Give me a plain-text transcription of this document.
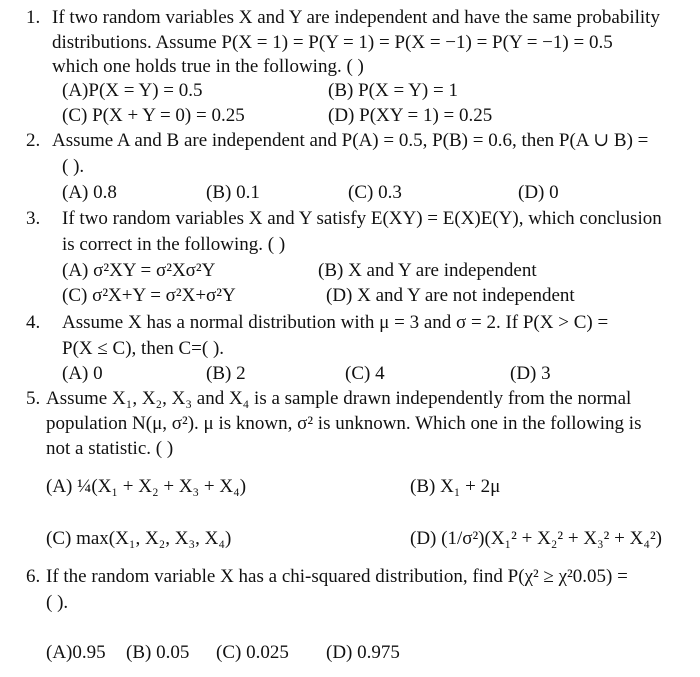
1. If two random variables X and Y are independent and have the same probability
distributions. Assume P(X = 1) = P(Y = 1) = P(X = −1) = P(Y = −1) = 0.5
which one holds true in the following. ( )
(A)P(X = Y) = 0.5	(B) P(X = Y) = 1
(C) P(X + Y = 0) = 0.25	(D) P(XY = 1) = 0.25
2. Assume A and B are independent and P(A) = 0.5, P(B) = 0.6, then P(A ∪ B) =
( ).
(A) 0.8	(B) 0.1	(C) 0.3	(D) 0
3. If two random variables X and Y satisfy E(XY) = E(X)E(Y), which conclusion
is correct in the following. ( )
(A) σ²XY = σ²Xσ²Y	(B) X and Y are independent
(C) σ²X+Y = σ²X+σ²Y	(D) X and Y are not independent
4. Assume X has a normal distribution with μ = 3 and σ = 2. If P(X > C) =
P(X ≤ C), then C=( ).
(A) 0	(B) 2	(C) 4	(D) 3
5. Assume X₁, X₂, X₃ and X₄ is a sample drawn independently from the normal
population N(μ, σ²). μ is known, σ² is unknown. Which one in the following is
not a statistic. ( )
(A) ¼(X₁ + X₂ + X₃ + X₄)	(B) X₁ + 2μ
(C) max(X₁, X₂, X₃, X₄)	(D) (1/σ²)(X₁² + X₂² + X₃² + X₄²)
6. If the random variable X has a chi-squared distribution, find P(χ² ≥ χ²0.05) =
( ).
(A)0.95 (B) 0.05 (C) 0.025 (D) 0.975
